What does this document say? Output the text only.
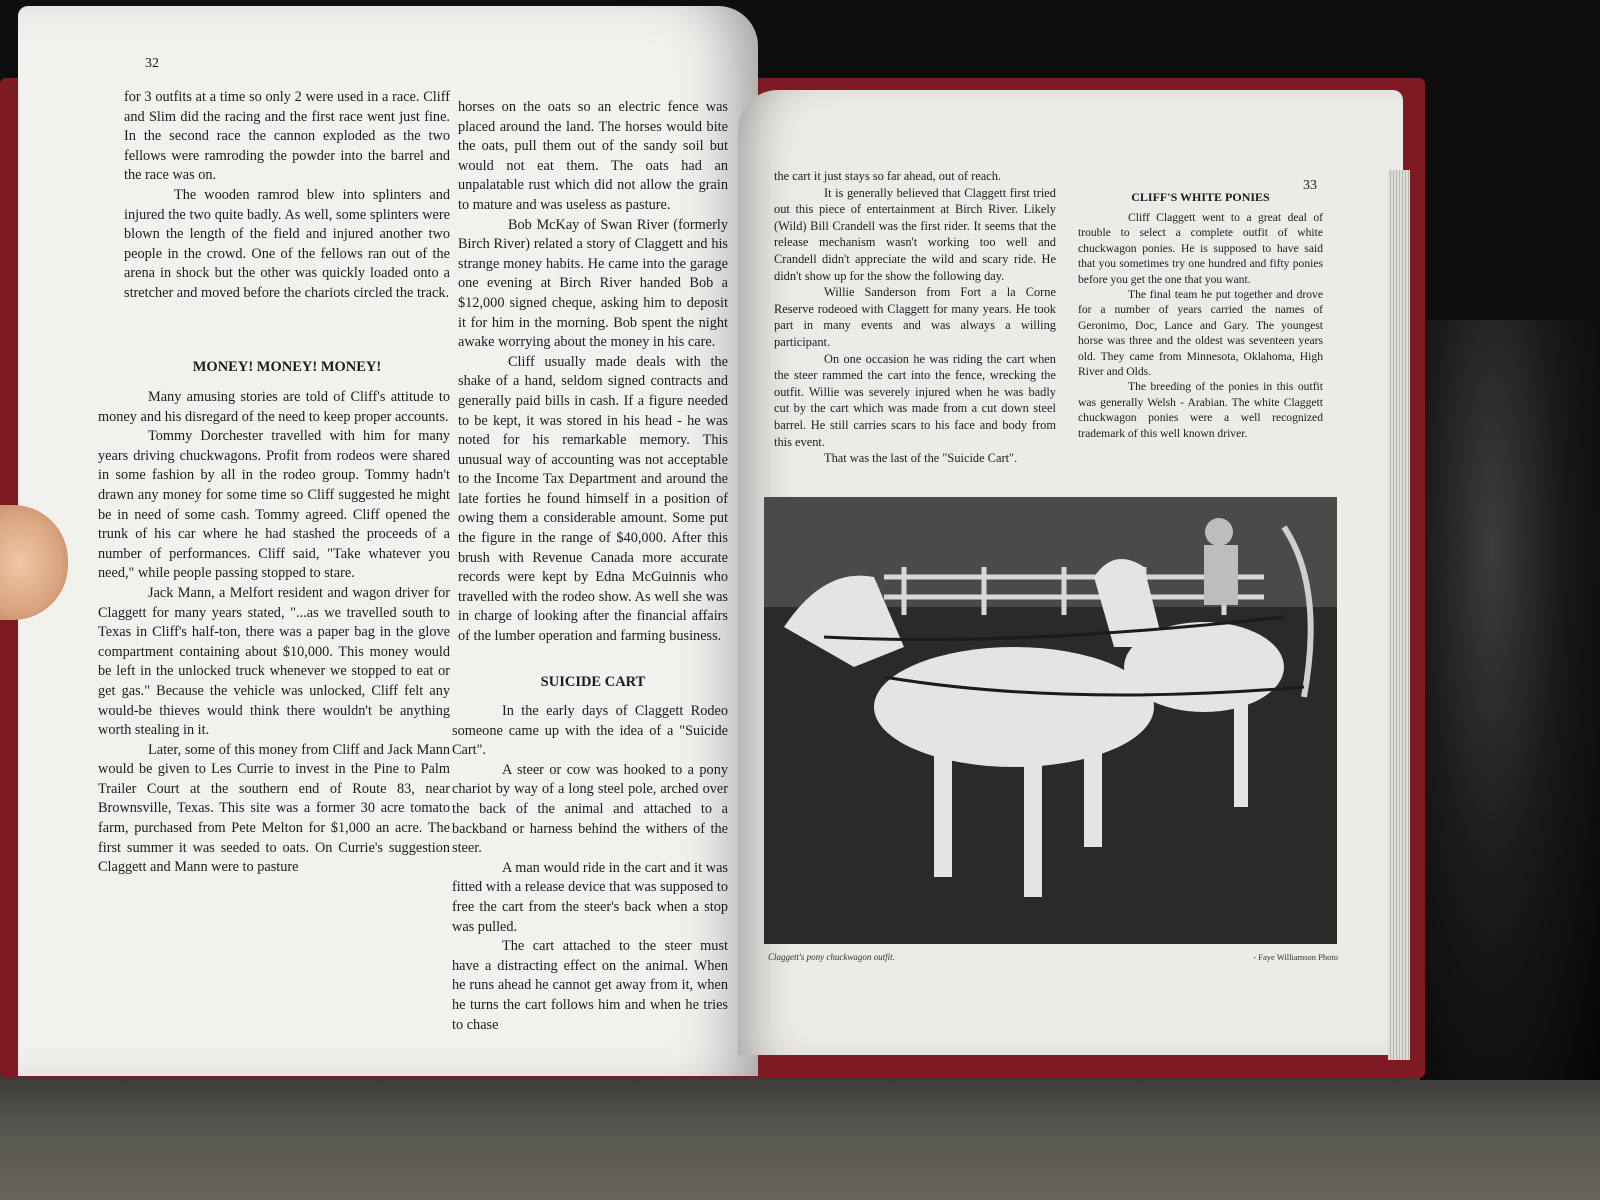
32

for 3 outfits at a time so only 2 were used in a race. Cliff and Slim did the racing and the first race went just fine. In the second race the cannon exploded as the two fellows were ramroding the powder into the barrel and the race was on.

The wooden ramrod blew into splinters and injured the two quite badly. As well, some splinters were blown the length of the field and injured another two people in the crowd. One of the fellows ran out of the arena in shock but the other was quickly loaded onto a stretcher and moved before the chariots circled the track.

MONEY! MONEY! MONEY!

Many amusing stories are told of Cliff's attitude to money and his disregard of the need to keep proper accounts.

Tommy Dorchester travelled with him for many years driving chuckwagons. Profit from rodeos were shared in some fashion by all in the rodeo group. Tommy hadn't drawn any money for some time so Cliff suggested he might be in need of some cash. Tommy agreed. Cliff opened the trunk of his car where he had stashed the proceeds of a number of performances. Cliff said, "Take whatever you need," while people passing stopped to stare.

Jack Mann, a Melfort resident and wagon driver for Claggett for many years stated, "...as we travelled south to Texas in Cliff's half-ton, there was a paper bag in the glove compartment containing about $10,000. This money would be left in the unlocked truck whenever we stopped to eat or get gas." Because the vehicle was unlocked, Cliff felt any would-be thieves would think there wouldn't be anything worth stealing in it.

Later, some of this money from Cliff and Jack Mann would be given to Les Currie to invest in the Pine to Palm Trailer Court at the southern end of Route 83, near Brownsville, Texas. This site was a former 30 acre tomato farm, purchased from Pete Melton for $1,000 an acre. The first summer it was seeded to oats. On Currie's suggestion Claggett and Mann were to pasture

horses on the oats so an electric fence was placed around the land. The horses would bite the oats, pull them out of the sandy soil but would not eat them. The oats had an unpalatable rust which did not allow the grain to mature and was useless as pasture.

Bob McKay of Swan River (formerly Birch River) related a story of Claggett and his strange money habits. He came into the garage one evening at Birch River handed Bob a $12,000 signed cheque, asking him to deposit it for him in the morning. Bob spent the night awake worrying about the money in his care.

Cliff usually made deals with the shake of a hand, seldom signed contracts and generally paid bills in cash. If a figure needed to be kept, it was stored in his head - he was noted for his remarkable memory. This unusual way of accounting was not acceptable to the Income Tax Department and around the late forties he found himself in a position of owing them a considerable amount. Some put the figure in the range of $40,000. After this brush with Revenue Canada more accurate records were kept by Edna McGuinnis who travelled with the rodeo show. As well she was in charge of looking after the financial affairs of the lumber operation and farming business.

SUICIDE CART

In the early days of Claggett Rodeo someone came up with the idea of a "Suicide Cart".

A steer or cow was hooked to a pony chariot by way of a long steel pole, arched over the back of the animal and attached to a backband or harness behind the withers of the steer.

A man would ride in the cart and it was fitted with a release device that was supposed to free the cart from the steer's back when a stop was pulled.

The cart attached to the steer must have a distracting effect on the animal. When he runs ahead he cannot get away from it, when he turns the cart follows him and when he tries to chase

33

the cart it just stays so far ahead, out of reach.

It is generally believed that Claggett first tried out this piece of entertainment at Birch River. Likely (Wild) Bill Crandell was the first rider. It seems that the release mechanism wasn't working too well and Crandell didn't appreciate the wild and scary ride. He didn't show up for the show the following day.

Willie Sanderson from Fort a la Corne Reserve rodeoed with Claggett for many years. He took part in many events and was always a willing participant.

On one occasion he was riding the cart when the steer rammed the cart into the fence, wrecking the outfit. Willie was severely injured when he was badly cut by the cart which was made from a cut down steel barrel. He still carries scars to his face and body from this event.

That was the last of the "Suicide Cart".

CLIFF'S WHITE PONIES

Cliff Claggett went to a great deal of trouble to select a complete outfit of white chuckwagon ponies. He is supposed to have said that you sometimes try one hundred and fifty ponies before you get the one that you want.

The final team he put together and drove for a number of years carried the names of Geronimo, Doc, Lance and Gary. The youngest horse was three and the oldest was seventeen years old. They came from Minnesota, Oklahoma, High River and Olds.

The breeding of the ponies in this outfit was generally Welsh - Arabian. The white Claggett chuckwagon ponies were a well recognized trademark of this well known driver.

Claggett's pony chuckwagon outfit.	- Faye Williamson Photo
